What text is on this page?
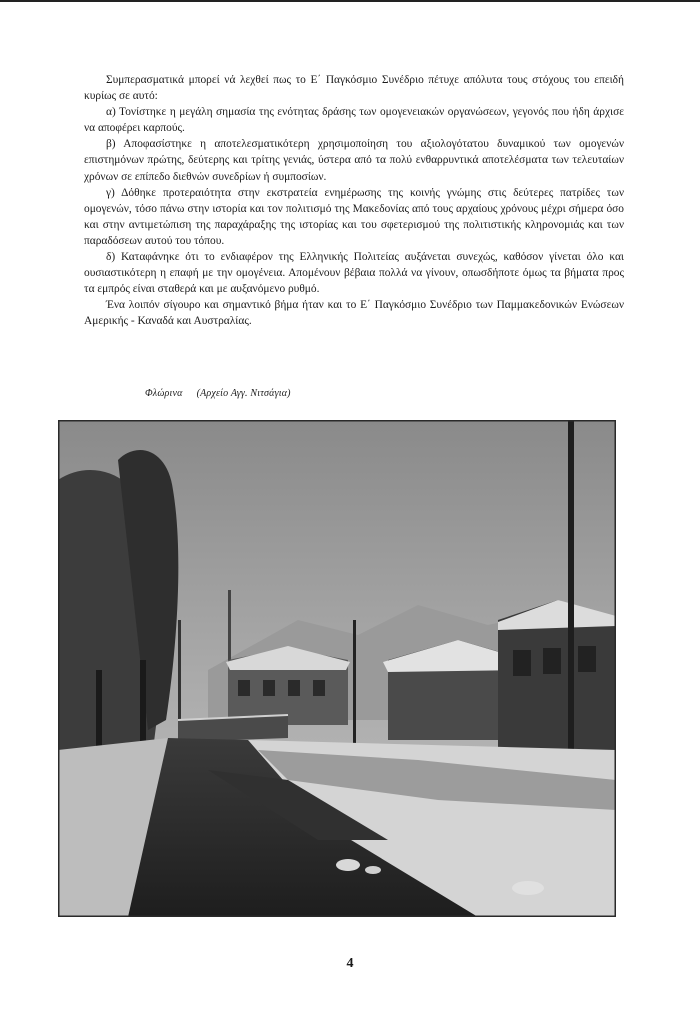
Συμπερασματικά μπορεί νά λεχθεί πως το Ε΄ Παγκόσμιο Συνέδριο πέτυχε απόλυτα τους στόχους του επειδή κυρίως σε αυτό:

α) Τονίστηκε η μεγάλη σημασία της ενότητας δράσης των ομογενειακών οργανώσεων, γεγονός που ήδη άρχισε να αποφέρει καρπούς.

β) Αποφασίστηκε η αποτελεσματικότερη χρησιμοποίηση του αξιολογότατου δυναμικού των ομογενών επιστημόνων πρώτης, δεύτερης και τρίτης γενιάς, ύστερα από τα πολύ ενθαρρυντικά αποτελέσματα των τελευταίων χρόνων σε επίπεδο διεθνών συνεδρίων ή συμποσίων.

γ) Δόθηκε προτεραιότητα στην εκστρατεία ενημέρωσης της κοινής γνώμης στις δεύτερες πατρίδες των ομογενών, τόσο πάνω στην ιστορία και τον πολιτισμό της Μακεδονίας από τους αρχαίους χρόνους μέχρι σήμερα όσο και στην αντιμετώπιση της παραχάραξης της ιστορίας και του σφετερισμού της πολιτιστικής κληρονομιάς και των παραδόσεων αυτού του τόπου.

δ) Καταφάνηκε ότι το ενδιαφέρον της Ελληνικής Πολιτείας αυξάνεται συνεχώς, καθόσον γίνεται όλο και ουσιαστικότερη η επαφή με την ομογένεια. Απομένουν βέβαια πολλά να γίνουν, οπωσδήποτε όμως τα βήματα προς τα εμπρός είναι σταθερά και με αυξανόμενο ρυθμό.

Ένα λοιπόν σίγουρο και σημαντικό βήμα ήταν και το Ε΄ Παγκόσμιο Συνέδριο των Παμμακεδονικών Ενώσεων Αμερικής - Καναδά και Αυστραλίας.

Φλώρινα (Αρχείο Αγγ. Νιτσάγια)
4
